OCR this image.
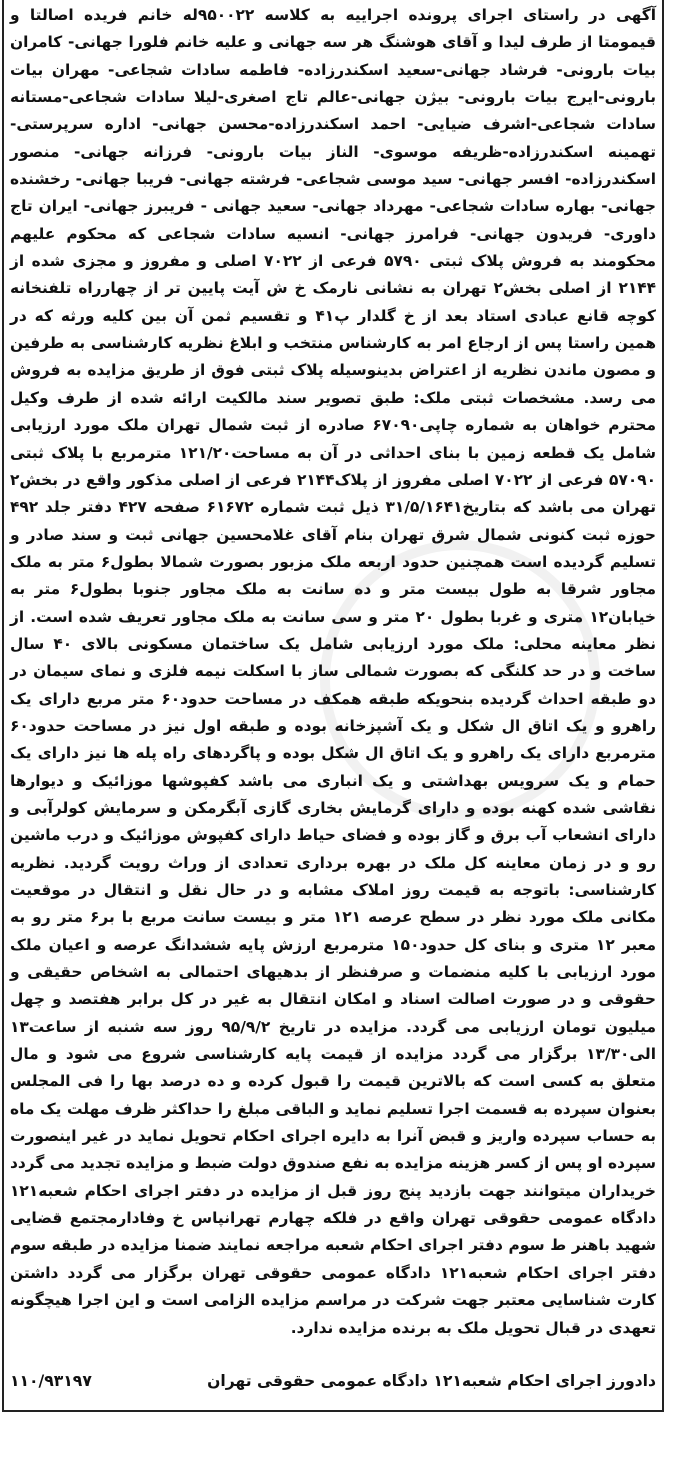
آگهی در راستای اجرای پرونده اجراییه به کلاسه ۹۵۰۰۲۲له خانم فریده اصالتا و قیمومتا از طرف لیدا و آقای هوشنگ هر سه جهانی و علیه خانم فلورا جهانی- کامران بیات بارونی- فرشاد جهانی-سعید اسکندرزاده- فاطمه سادات شجاعی- مهران بیات بارونی-ایرج بیات بارونی- بیژن جهانی-عالم تاج اصغری-لیلا سادات شجاعی-مستانه سادات شجاعی-اشرف ضیایی- احمد اسکندرزاده-محسن جهانی- اداره سرپرستی- تهمینه اسکندرزاده-ظریفه موسوی- الناز بیات بارونی- فرزانه جهانی- منصور اسکندرزاده- افسر جهانی- سید موسی شجاعی- فرشته جهانی- فریبا جهانی- رخشنده جهانی- بهاره سادات شجاعی- مهرداد جهانی- سعید جهانی - فریبرز جهانی- ایران تاج داوری- فریدون جهانی- فرامرز جهانی- انسیه سادات شجاعی که محکوم علیهم محکومند به فروش پلاک ثبتی ۵۷۹۰ فرعی از ۷۰۲۲ اصلی و مفروز و مجزی شده از ۲۱۴۴ از اصلی بخش۲ تهران به نشانی نارمک خ ش آیت پایین تر از چهارراه تلفنخانه کوچه قانع عبادی استاد بعد از خ گلدار پ۴۱ و تقسیم ثمن آن بین کلیه ورثه که در همین راستا پس از ارجاع امر به کارشناس منتخب و ابلاغ نظریه کارشناسی به طرفین و مصون ماندن نظریه از اعتراض بدینوسیله پلاک ثبتی فوق از طریق مزایده به فروش می رسد. مشخصات ثبتی ملک: طبق تصویر سند مالکیت ارائه شده از طرف وکیل محترم خواهان به شماره چاپی۶۷۰۹۰ صادره از ثبت شمال تهران ملک مورد ارزیابی شامل یک قطعه زمین با بنای احداثی در آن به مساحت۱۲۱/۲۰ مترمربع با پلاک ثبتی ۵۷۰۹۰ فرعی از ۷۰۲۲ اصلی مفروز از پلاک۲۱۴۴ فرعی از اصلی مذکور واقع در بخش۲ تهران می باشد که بتاریخ۳۱/۵/۱۶۴۱ ذیل ثبت شماره ۶۱۶۷۲ صفحه ۴۲۷ دفتر جلد ۴۹۲ حوزه ثبت کنونی شمال شرق تهران بنام آقای غلامحسین جهانی ثبت و سند صادر و تسلیم گردیده است همچنین حدود اربعه ملک مزبور بصورت شمالا بطول۶ متر به ملک مجاور شرقا به طول بیست متر و ده سانت به ملک مجاور جنوبا بطول۶ متر به خیابان۱۲ متری و غربا بطول ۲۰ متر و سی سانت به ملک مجاور تعریف شده است. از نظر معاینه محلی: ملک مورد ارزیابی شامل یک ساختمان مسکونی بالای ۴۰ سال ساخت و در حد کلنگی که بصورت شمالی ساز با اسکلت نیمه فلزی و نمای سیمان در دو طبقه احداث گردیده بنحویکه طبقه همکف در مساحت حدود۶۰ متر مربع دارای یک راهرو و یک اتاق ال شکل و یک آشپزخانه بوده و طبقه اول نیز در مساحت حدود۶۰ مترمربع دارای یک راهرو و یک اتاق ال شکل بوده و پاگردهای راه پله ها نیز دارای یک حمام و یک سرویس بهداشتی و یک انباری می باشد کفپوشها موزائیک و دیوارها نقاشی شده کهنه بوده و دارای گرمایش بخاری گازی آبگرمکن و سرمایش کولرآبی و دارای انشعاب آب برق و گاز بوده و فضای حیاط دارای کفپوش موزائیک و درب ماشین رو و در زمان معاینه کل ملک در بهره برداری تعدادی از وراث رویت گردید. نظریه کارشناسی: باتوجه به قیمت روز املاک مشابه و در حال نقل و انتقال در موقعیت مکانی ملک مورد نظر در سطح عرصه ۱۲۱ متر و بیست سانت مربع با بر۶ متر رو به معبر ۱۲ متری و بنای کل حدود۱۵۰ مترمربع ارزش پایه ششدانگ عرصه و اعیان ملک مورد ارزیابی با کلیه منضمات و صرفنظر از بدهیهای احتمالی به اشخاص حقیقی و حقوقی و در صورت اصالت اسناد و امکان انتقال به غیر در کل برابر هفتصد و چهل میلیون تومان ارزیابی می گردد. مزایده در تاریخ ۹۵/۹/۲ روز سه شنبه از ساعت۱۳ الی۱۳/۳۰ برگزار می گردد مزایده از قیمت پایه کارشناسی شروع می شود و مال متعلق به کسی است که بالاترین قیمت را قبول کرده و ده درصد بها را فی المجلس بعنوان سپرده به قسمت اجرا تسلیم نماید و الباقی مبلغ را حداکثر ظرف مهلت یک ماه به حساب سپرده واریز و قبض آنرا به دایره اجرای احکام تحویل نماید در غیر اینصورت سپرده او پس از کسر هزینه مزایده به نفع صندوق دولت ضبط و مزایده تجدید می گردد خریداران میتوانند جهت بازدید پنج روز قبل از مزایده در دفتر اجرای احکام شعبه۱۲۱ دادگاه عمومی حقوقی تهران واقع در فلکه چهارم تهرانپاس خ وفادارمجتمع قضایی شهید باهنر ط سوم دفتر اجرای احکام شعبه مراجعه نمایند ضمنا مزایده در طبقه سوم دفتر اجرای احکام شعبه۱۲۱ دادگاه عمومی حقوقی تهران برگزار می گردد داشتن کارت شناسایی معتبر جهت شرکت در مراسم مزایده الزامی است و این اجرا هیچگونه تعهدی در قبال تحویل ملک به برنده مزایده ندارد.

دادورز اجرای احکام شعبه۱۲۱ دادگاه عمومی حقوقی تهران
۱۱۰/۹۳۱۹۷
